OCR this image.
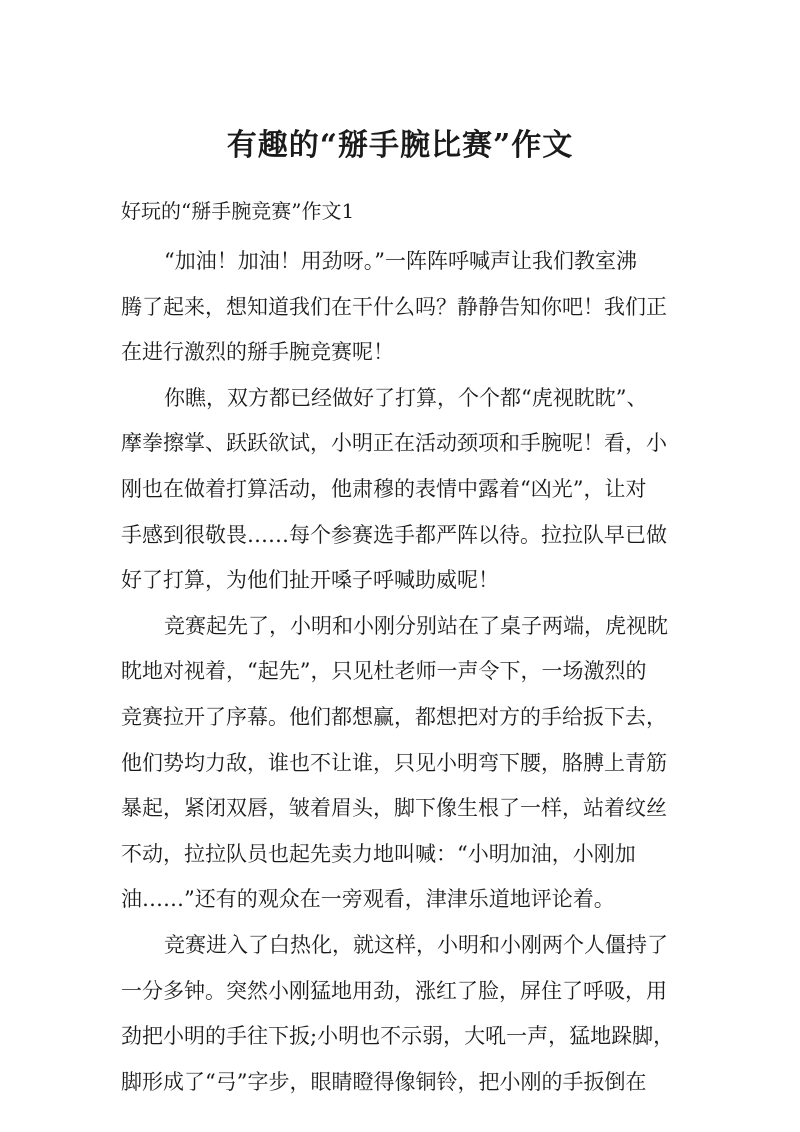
有趣的“掰手腕比赛”作文
好玩的“掰手腕竞赛”作文1
“加油！加油！用劲呀。”一阵阵呼喊声让我们教室沸
腾了起来，想知道我们在干什么吗？静静告知你吧！我们正
在进行激烈的掰手腕竞赛呢！
你瞧，双方都已经做好了打算，个个都“虎视眈眈”、
摩拳擦掌、跃跃欲试，小明正在活动颈项和手腕呢！看，小
刚也在做着打算活动，他肃穆的表情中露着“凶光”，让对
手感到很敬畏……每个参赛选手都严阵以待。拉拉队早已做
好了打算，为他们扯开嗓子呼喊助威呢！
竞赛起先了，小明和小刚分别站在了桌子两端，虎视眈
眈地对视着，“起先”，只见杜老师一声令下，一场激烈的
竞赛拉开了序幕。他们都想赢，都想把对方的手给扳下去，
他们势均力敌，谁也不让谁，只见小明弯下腰，胳膊上青筋
暴起，紧闭双唇，皱着眉头，脚下像生根了一样，站着纹丝
不动，拉拉队员也起先卖力地叫喊：“小明加油，小刚加
油……”还有的观众在一旁观看，津津乐道地评论着。
竞赛进入了白热化，就这样，小明和小刚两个人僵持了
一分多钟。突然小刚猛地用劲，涨红了脸，屏住了呼吸，用
劲把小明的手往下扳;小明也不示弱，大吼一声，猛地跺脚，
脚形成了“弓”字步，眼睛瞪得像铜铃，把小刚的手扳倒在
